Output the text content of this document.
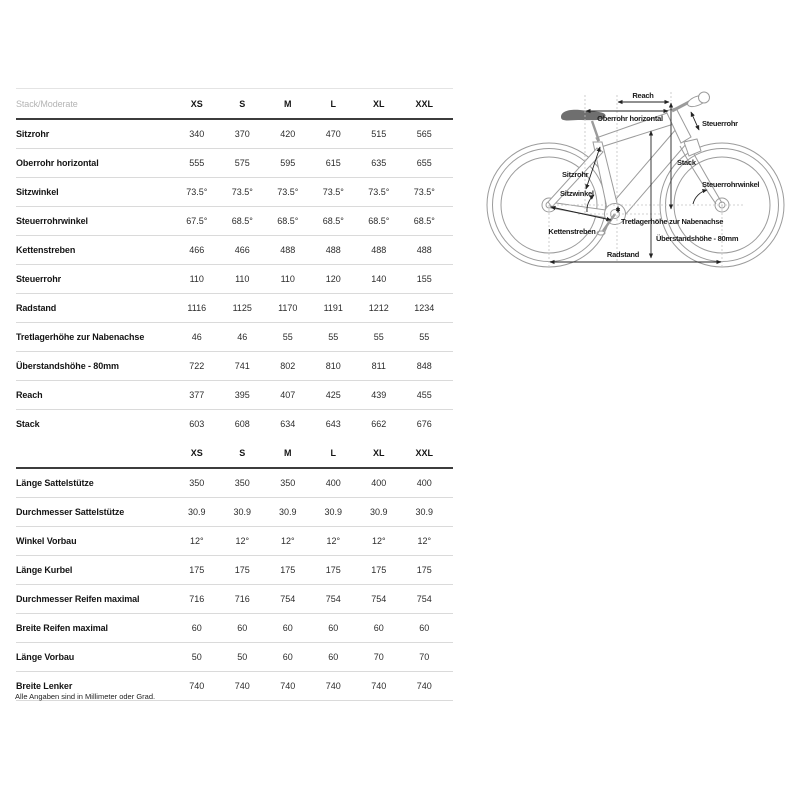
Stack/Moderate	XS	S	M	L	XL	XXL
Sitzrohr	340	370	420	470	515	565
Oberrohr horizontal	555	575	595	615	635	655
Sitzwinkel	73.5°	73.5°	73.5°	73.5°	73.5°	73.5°
Steuerrohrwinkel	67.5°	68.5°	68.5°	68.5°	68.5°	68.5°
Kettenstreben	466	466	488	488	488	488
Steuerrohr	110	110	110	120	140	155
Radstand	1116	1125	1170	1191	1212	1234
Tretlagerhöhe zur Nabenachse	46	46	55	55	55	55
Überstandshöhe - 80mm	722	741	802	810	811	848
Reach	377	395	407	425	439	455
Stack	603	608	634	643	662	676
XS	S	M	L	XL	XXL
Länge Sattelstütze	350	350	350	400	400	400
Durchmesser Sattelstütze	30.9	30.9	30.9	30.9	30.9	30.9
Winkel Vorbau	12°	12°	12°	12°	12°	12°
Länge Kurbel	175	175	175	175	175	175
Durchmesser Reifen maximal	716	716	754	754	754	754
Breite Reifen maximal	60	60	60	60	60	60
Länge Vorbau	50	50	60	60	70	70
Breite Lenker	740	740	740	740	740	740
Reach
Oberrohr horizontal
Steuerrohr
Stack
Steuerrohrwinkel
Sitzrohr
Sitzwinkel
Tretlagerhöhe zur Nabenachse
Kettenstreben
Überstandshöhe - 80mm
Radstand
Alle Angaben sind in Millimeter oder Grad.
